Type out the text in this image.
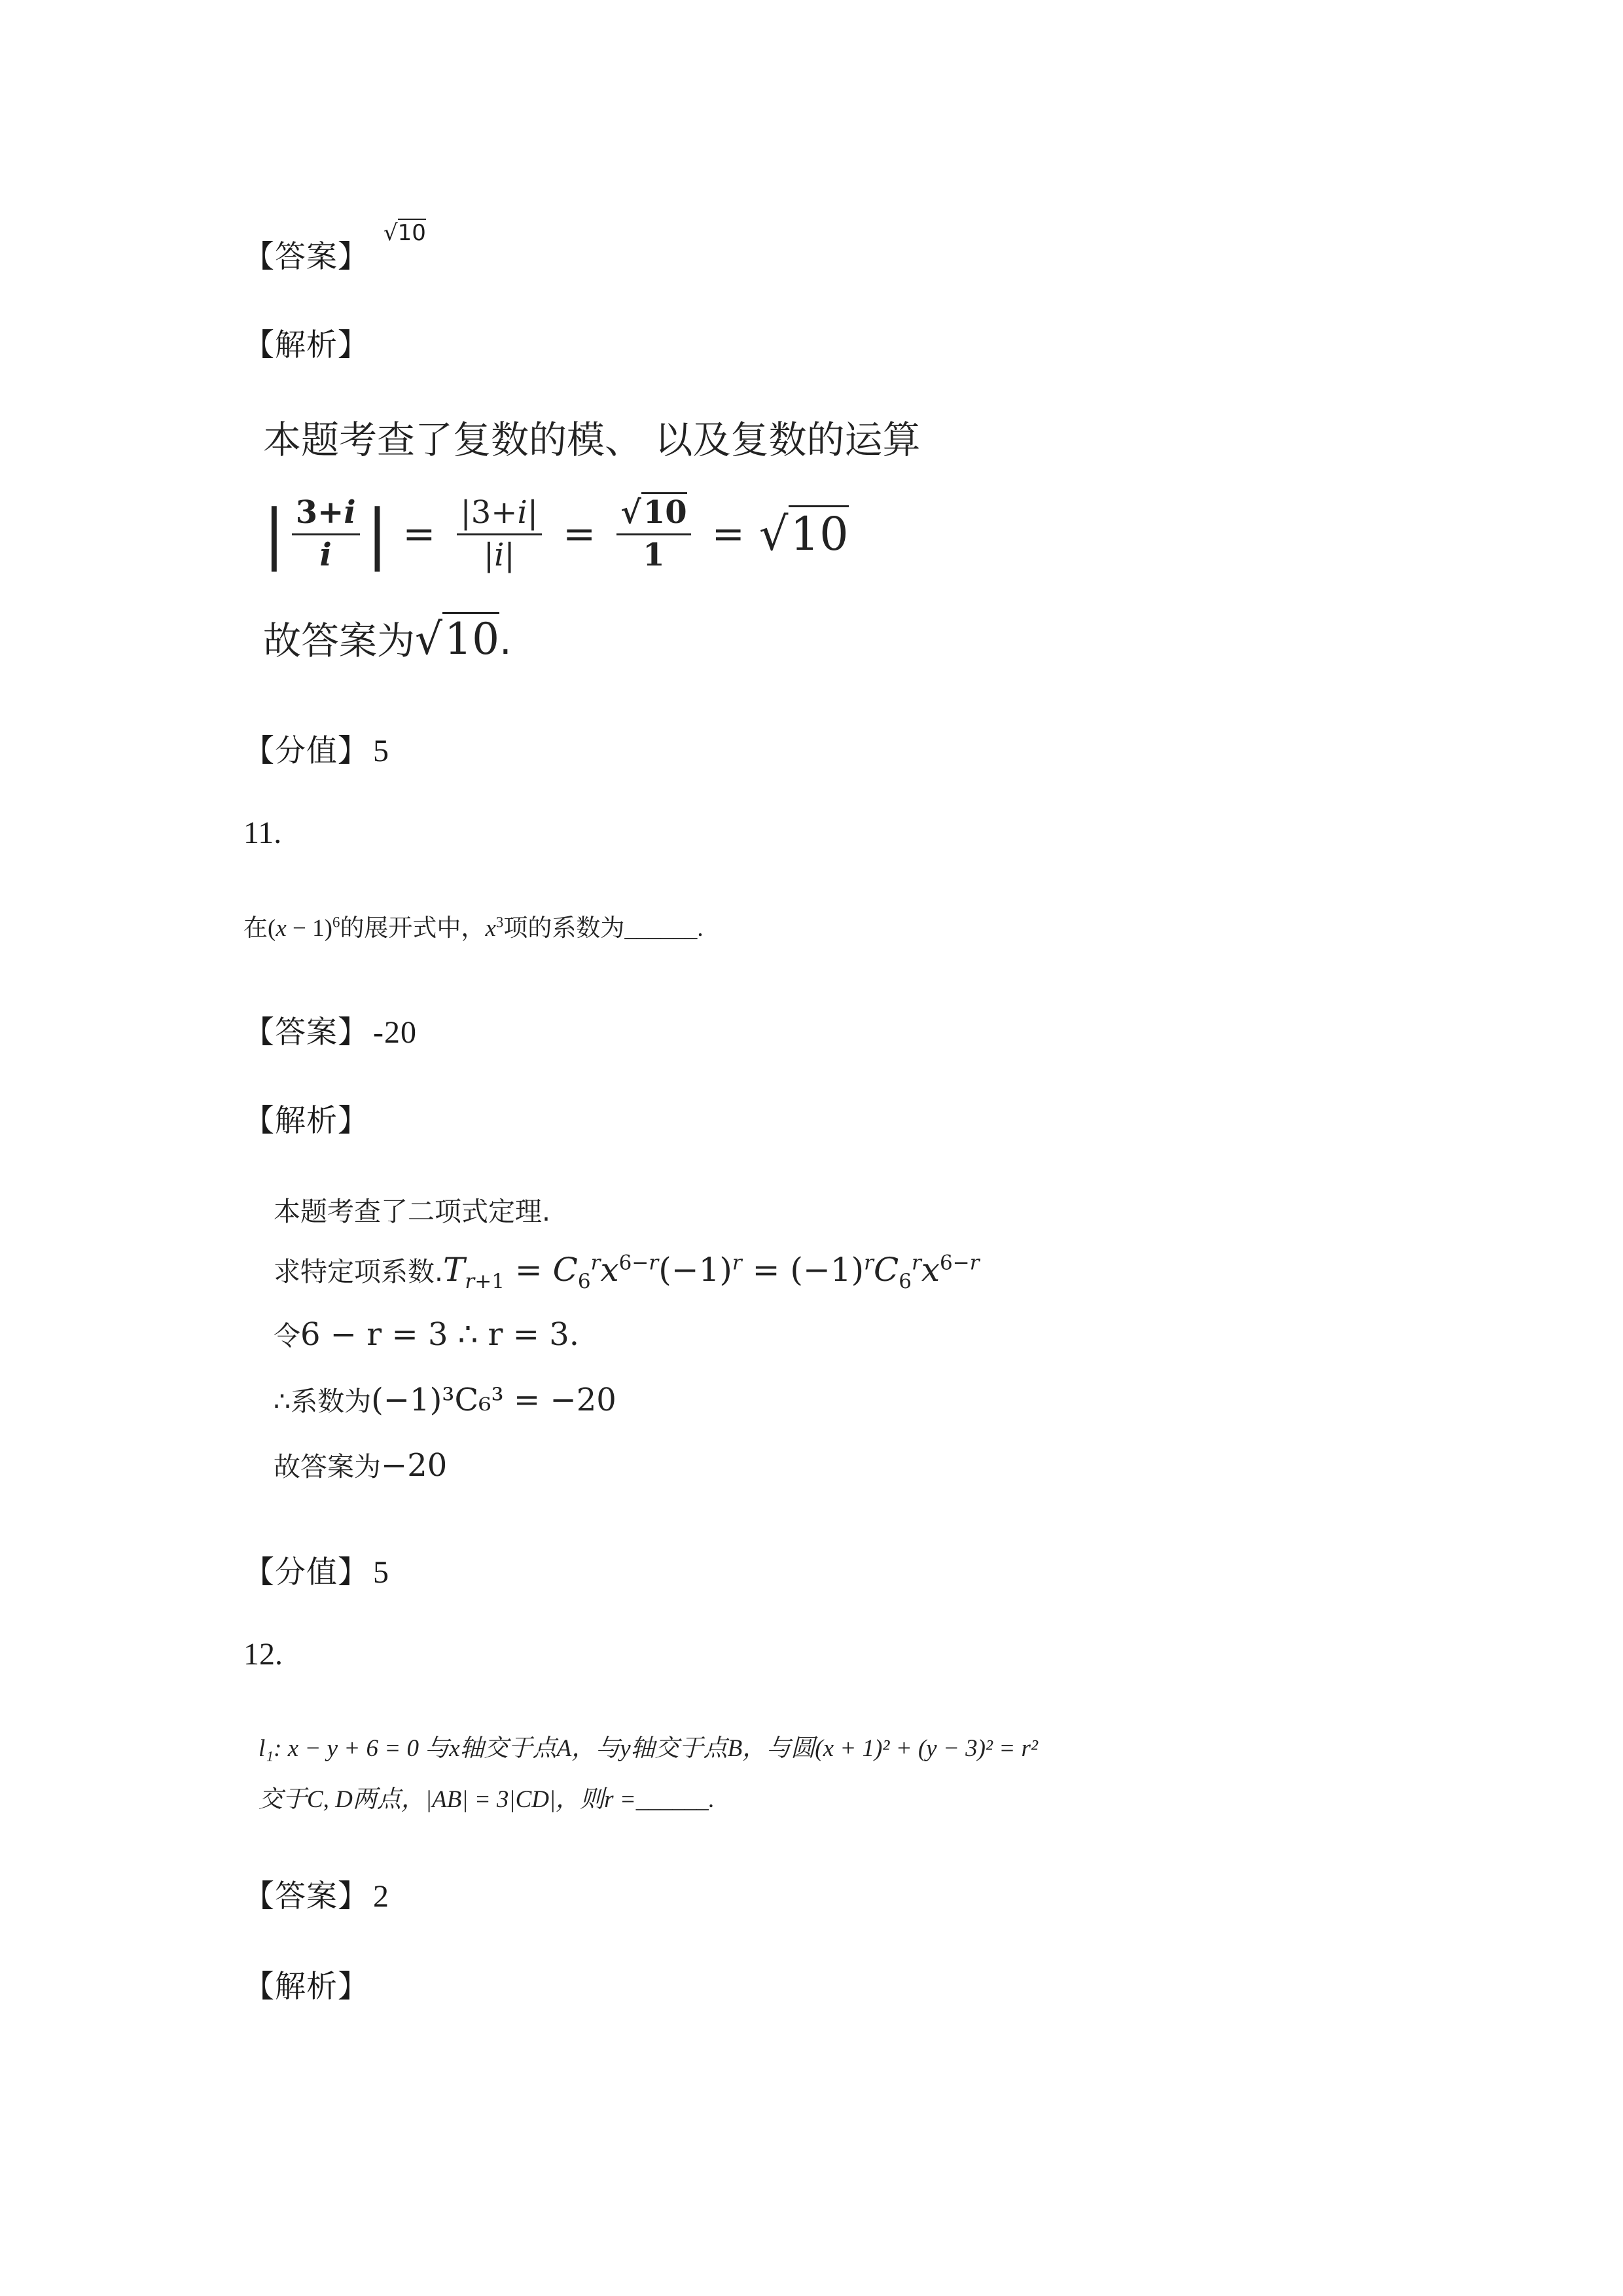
【答案】
√10
【解析】
本题考查了复数的模、 以及复数的运算
| $\frac{3+i}{i}$ | = $\frac{|3+i|}{|i|} = \frac{√10}{1} = √10$
故答案为√10.
【分值】 5
11.
在$(x - 1)^6$的展开式中，$x^3$项的系数为______.
【答案】 -20
【解析】
本题考查了二项式定理.
求特定项系数$.T_{r+1} = C_6^rx^{6-r}(-1)^r = (-1)^rC_6^rx^{6-r}$
令6 − r = 3 ∴ r = 3.
∴系数为(−1)³C₆³ = −20
故答案为−20
【分值】 5
12.
l₁: x − y + 6 = 0 与x轴交于点A，与y轴交于点B，与圆(x + 1)² + (y − 3)² = r²
交于C, D两点，|AB| = 3|CD|，则r =______.
【答案】 2
【解析】
